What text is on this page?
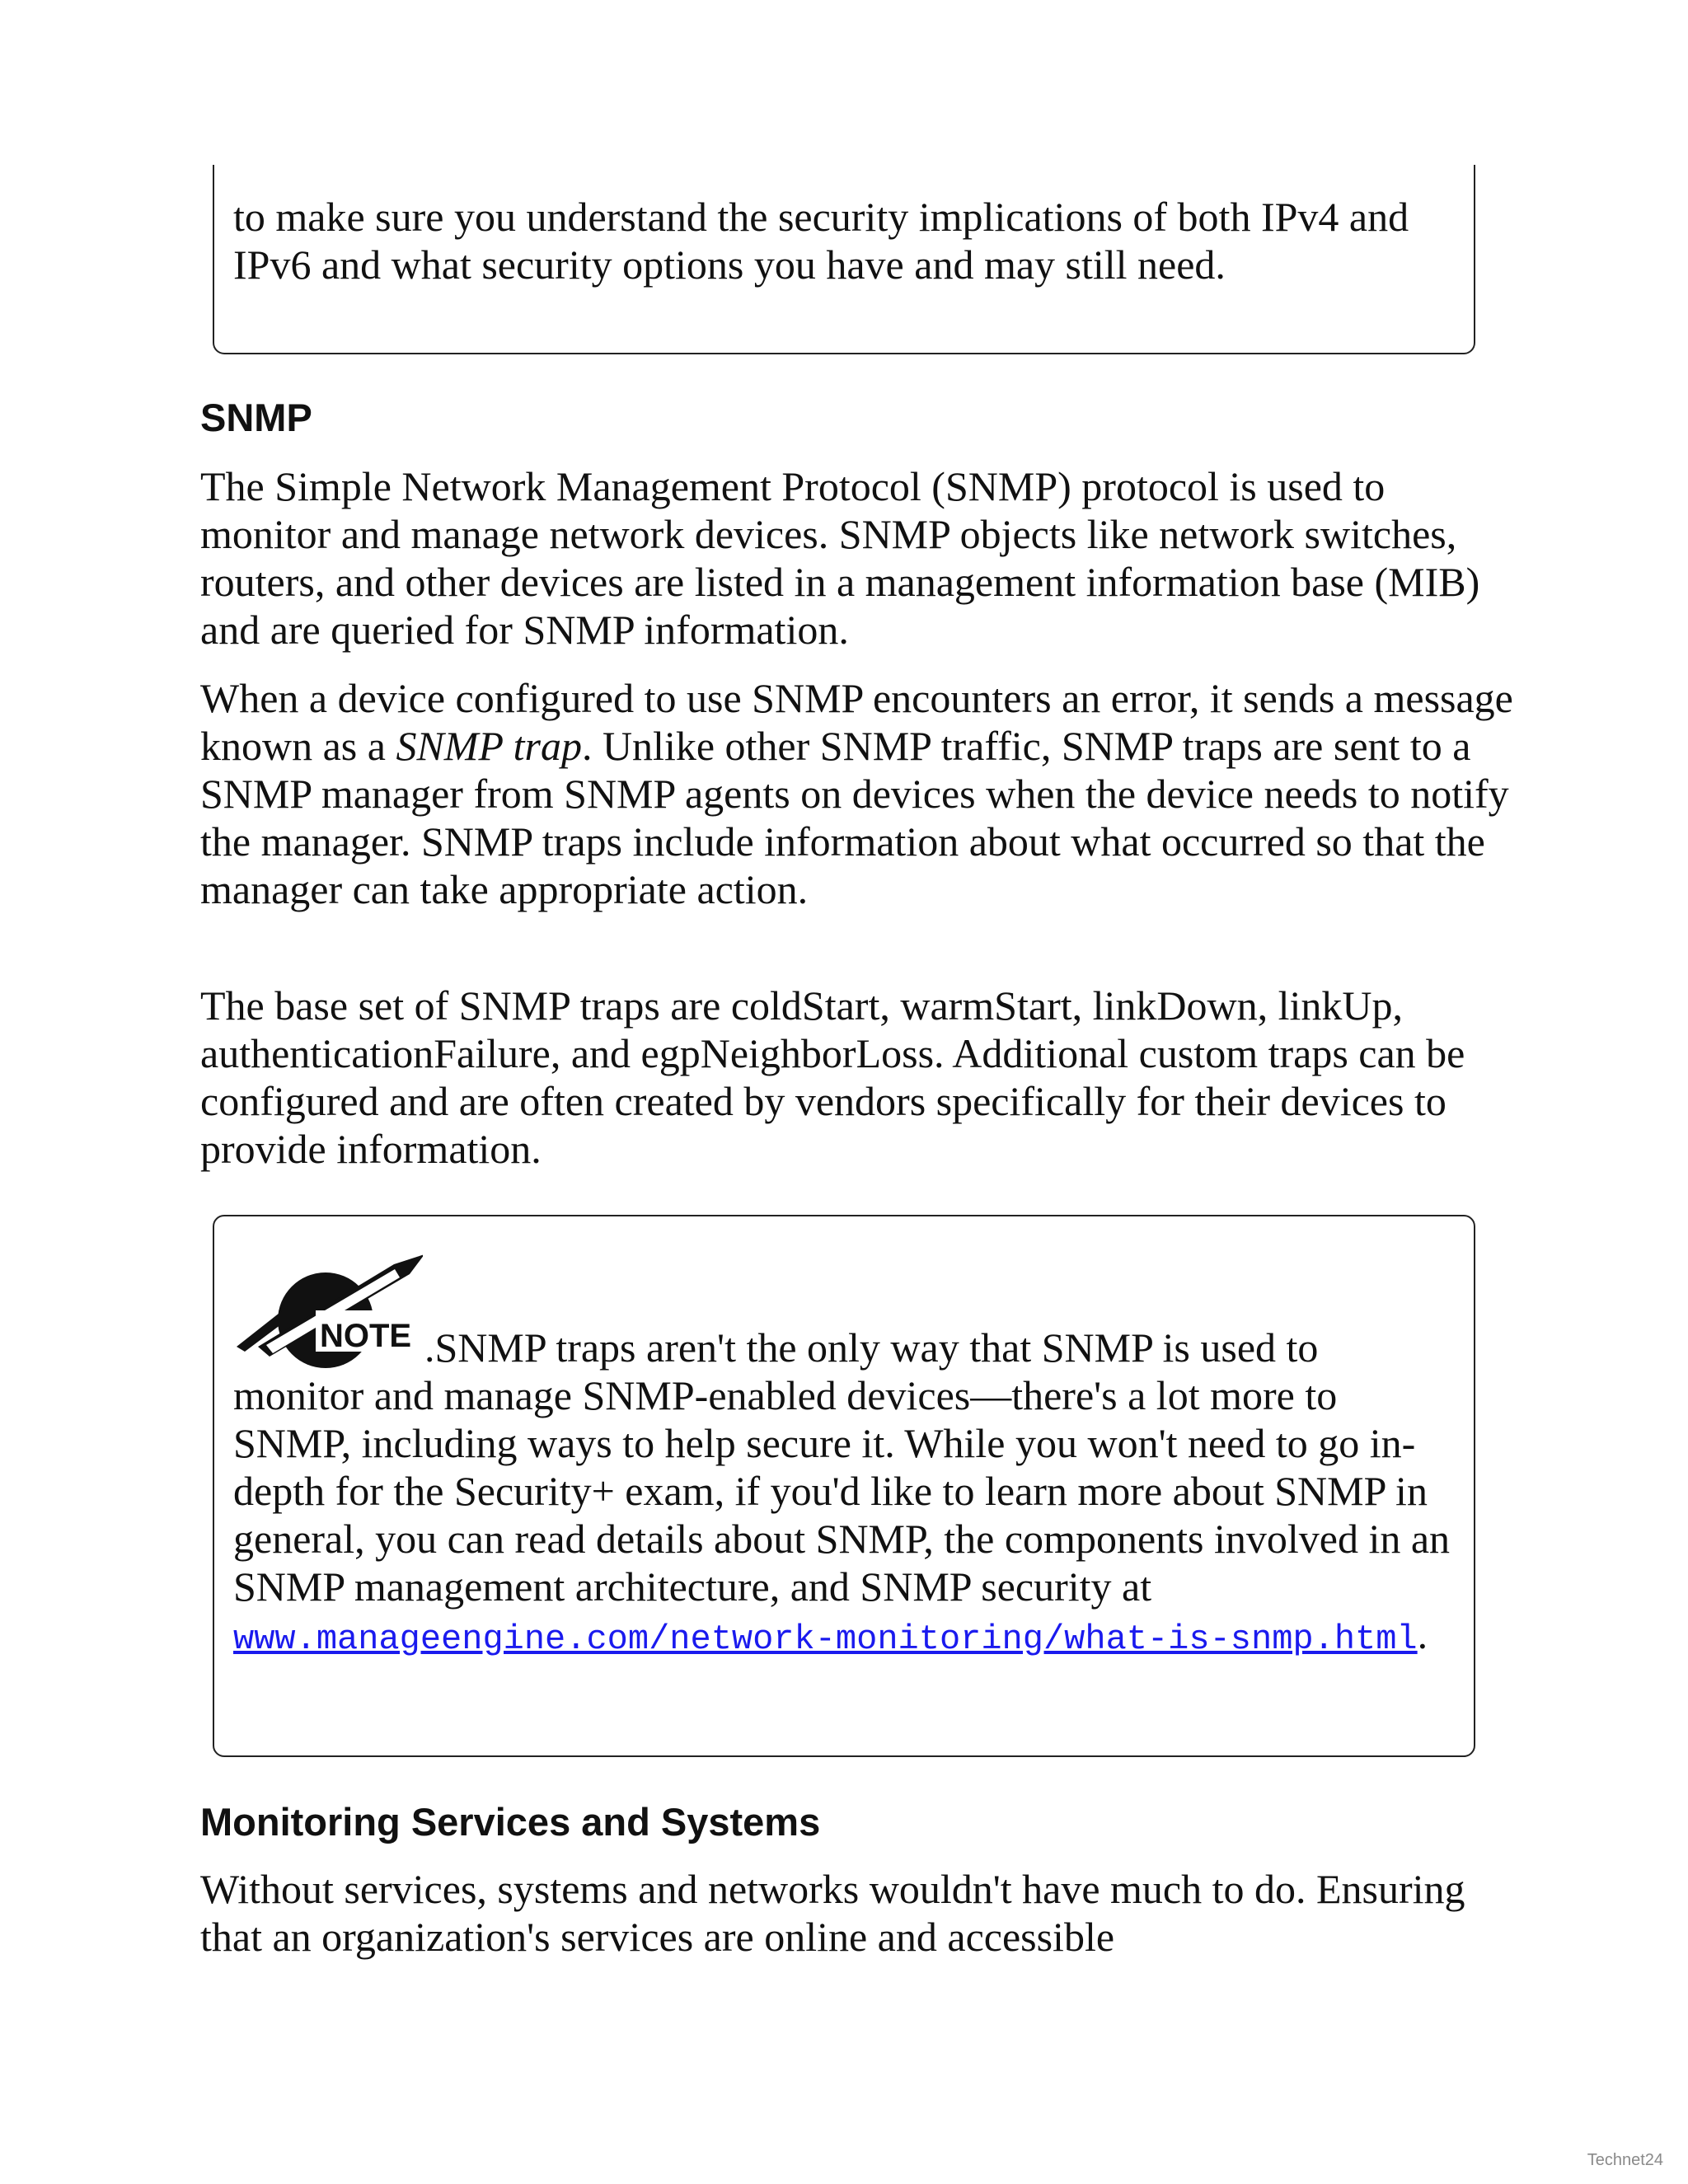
to make sure you understand the security implications of both IPv4 and IPv6 and what security options you have and may still need.

SNMP

The Simple Network Management Protocol (SNMP) protocol is used to monitor and manage network devices. SNMP objects like network switches, routers, and other devices are listed in a management information base (MIB) and are queried for SNMP information.

When a device configured to use SNMP encounters an error, it sends a message known as a SNMP trap. Unlike other SNMP traffic, SNMP traps are sent to a SNMP manager from SNMP agents on devices when the device needs to notify the manager. SNMP traps include information about what occurred so that the manager can take appropriate action.

The base set of SNMP traps are coldStart, warmStart, linkDown, linkUp, authenticationFailure, and egpNeighborLoss. Additional custom traps can be configured and are often created by vendors specifically for their devices to provide information.

NOTE .SNMP traps aren't the only way that SNMP is used to monitor and manage SNMP-enabled devices—there's a lot more to SNMP, including ways to help secure it. While you won't need to go in-depth for the Security+ exam, if you'd like to learn more about SNMP in general, you can read details about SNMP, the components involved in an SNMP management architecture, and SNMP security at www.manageengine.com/network-monitoring/what-is-snmp.html.

Monitoring Services and Systems

Without services, systems and networks wouldn't have much to do. Ensuring that an organization's services are online and accessible

Technet24
